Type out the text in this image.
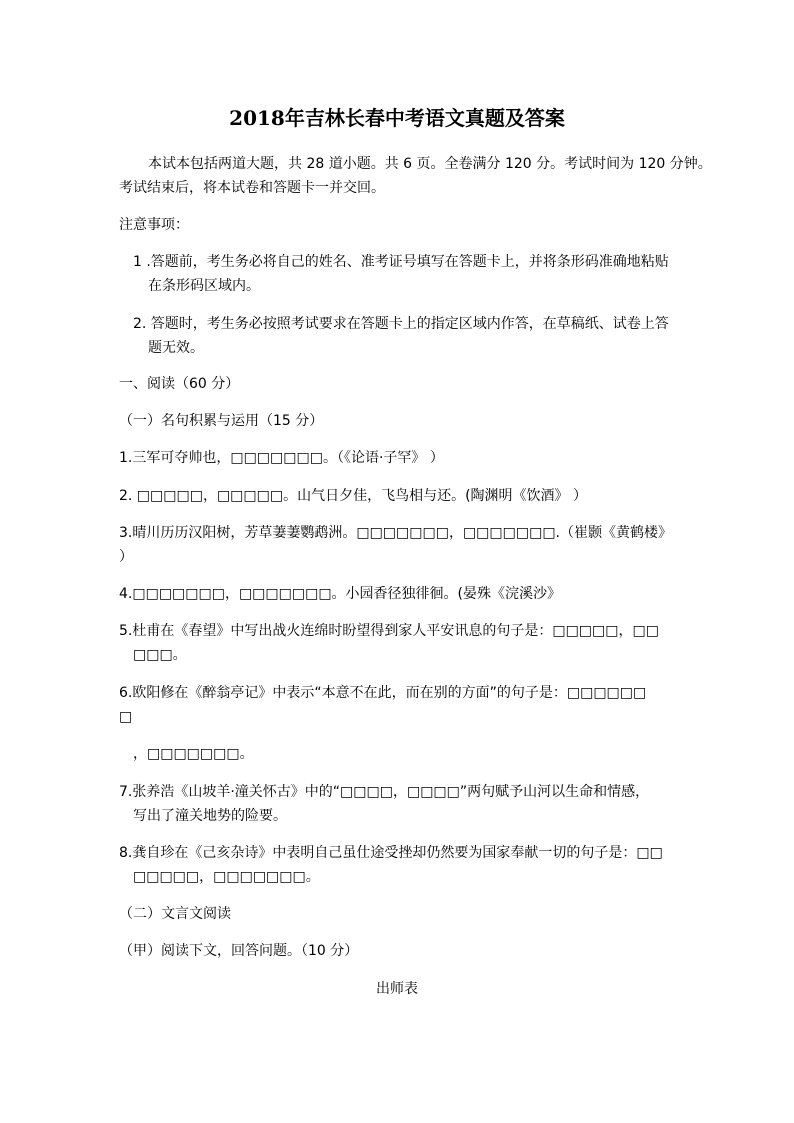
2018年吉林长春中考语文真题及答案
本试本包括两道大题，共 28 道小题。共 6 页。全卷满分 120 分。考试时间为 120 分钟。
考试结束后，将本试卷和答题卡一并交回。
注意事项：
1 .答题前，考生务必将自己的姓名、准考证号填写在答题卡上，并将条形码准确地粘贴
在条形码区域内。
2. 答题时，考生务必按照考试要求在答题卡上的指定区域内作答，在草稿纸、试卷上答
题无效。
一、阅读（60 分）
（一）名句积累与运用（15 分）
1.三军可夺帅也，□□□□□□□。（《论语·子罕》 ）
2. □□□□□，□□□□□。山气日夕佳，飞鸟相与还。(陶渊明《饮酒》 ）
3.晴川历历汉阳树，芳草萋萋鹦鹉洲。□□□□□□□，□□□□□□□.（崔颢《黄鹤楼》
）
4.□□□□□□□，□□□□□□□。小园香径独徘徊。(晏殊《浣溪沙》
5.杜甫在《春望》中写出战火连绵时盼望得到家人平安讯息的句子是：□□□□□，□□
□□□。
6.欧阳修在《醉翁亭记》中表示“本意不在此，而在别的方面”的句子是：□□□□□□
□
，□□□□□□□。
7.张养浩《山坡羊·潼关怀古》中的“□□□□，□□□□”两句赋予山河以生命和情感，
写出了潼关地势的险要。
8.龚自珍在《己亥杂诗》中表明自己虽仕途受挫却仍然要为国家奉献一切的句子是：□□
□□□□□，□□□□□□□。
（二）文言文阅读
（甲）阅读下文，回答问题。（10 分）
出师表
